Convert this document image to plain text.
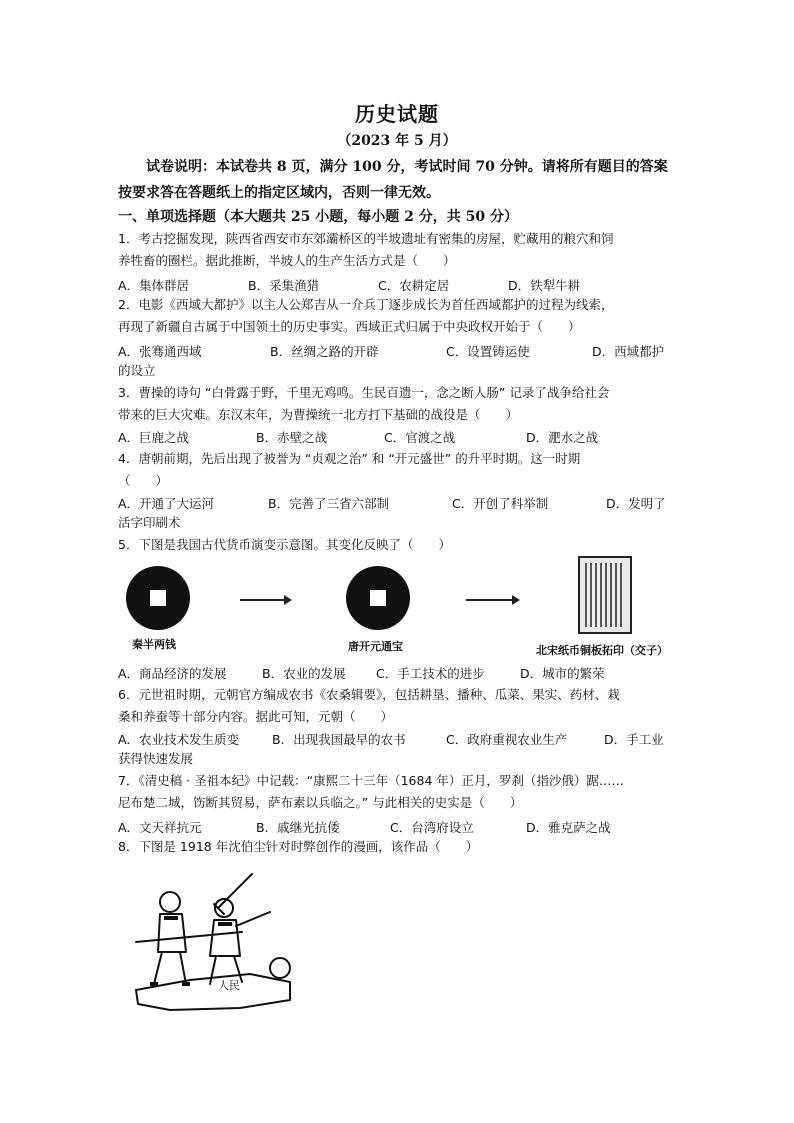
历史试题
（2023 年 5 月）
试卷说明：本试卷共 8 页，满分 100 分，考试时间 70 分钟。请将所有题目的答案按要求答在答题纸上的指定区域内，否则一律无效。
一、单项选择题（本大题共 25 小题，每小题 2 分，共 50 分）
1．考古挖掘发现，陕西省西安市东郊灞桥区的半坡遗址有密集的房屋，贮藏用的粮穴和饲
养牲畜的圈栏。据此推断，半坡人的生产生活方式是（　　）
A．集体群居	B．采集渔猎	C．农耕定居	D．铁犁牛耕
2．电影《西域大都护》以主人公郑吉从一介兵丁逐步成长为首任西域都护的过程为线索，
再现了新疆自古属于中国领土的历史事实。西域正式归属于中央政权开始于（　　）
A．张骞通西域	B．丝绸之路的开辟	C．设置铸运使	D．西域都护
的设立
3．曹操的诗句 “白骨露于野，千里无鸡鸣。生民百遗一，念之断人肠” 记录了战争给社会
带来的巨大灾难。东汉末年，为曹操统一北方打下基础的战役是（　　）
A．巨鹿之战	B．赤壁之战	C．官渡之战	D．淝水之战
4．唐朝前期，先后出现了被誉为 “贞观之治” 和 “开元盛世” 的升平时期。这一时期
（　　）
A．开通了大运河	B．完善了三省六部制	C．开创了科举制	D．发明了
活字印刷术
5．下图是我国古代货币演变示意图。其变化反映了（　　）
秦半两钱	唐开元通宝	北宋纸币铜板拓印（交子）
A．商品经济的发展	B．农业的发展 C．手工技术的进步	D．城市的繁荣
6．元世祖时期，元朝官方编成农书《农桑辑要》，包括耕垦、播种、瓜菜、果实、药材、栽
桑和养蚕等十部分内容。据此可知，元朝（　　）
A．农业技术发生质变	B．出现我国最早的农书	C．政府重视农业生产	D．手工业
获得快速发展
7．《清史稿 · 圣祖本纪》中记载：“康熙二十三年（1684 年）正月，罗刹（指沙俄）踞……
尼布楚二城，饬断其贸易，萨布素以兵临之。” 与此相关的史实是（　　）
A．文天祥抗元	B．戚继光抗倭	C．台湾府设立	D．雅克萨之战
8．下图是 1918 年沈伯尘针对时弊创作的漫画，该作品（　　）
人民
